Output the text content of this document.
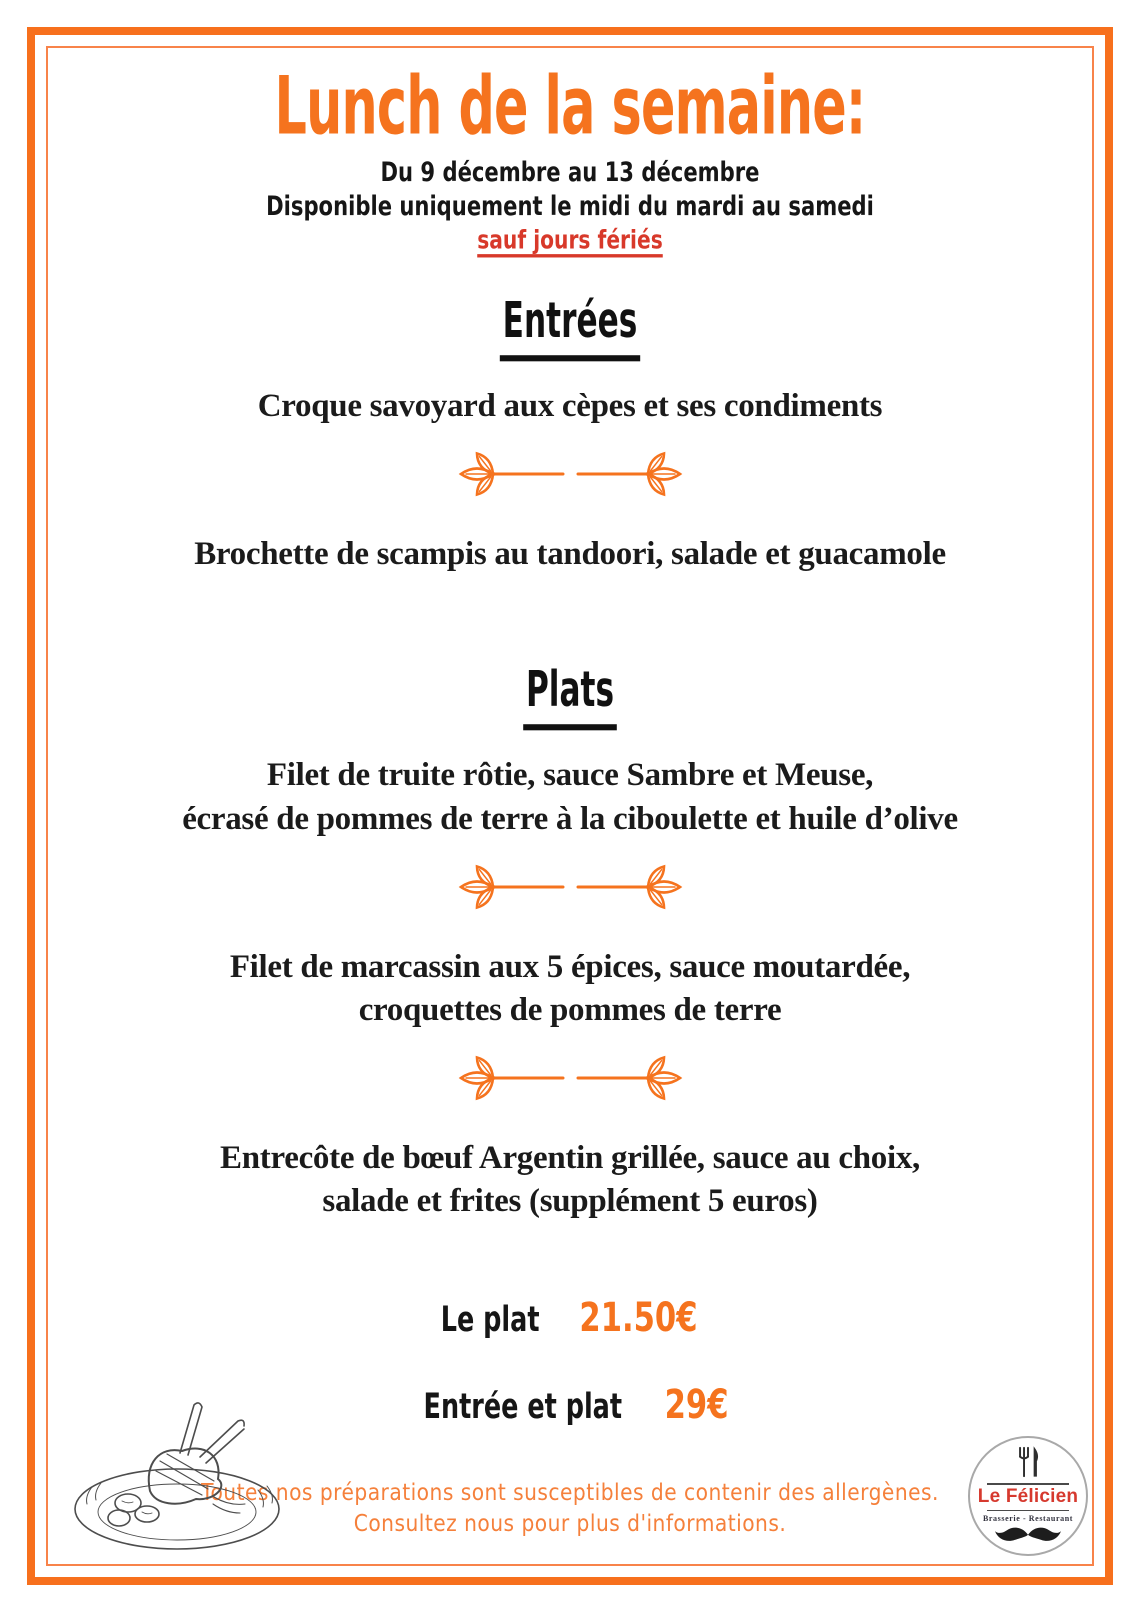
Lunch de la semaine:

Du 9 décembre au 13 décembre

Disponible uniquement le midi du mardi au samedi

sauf jours fériés

Entrées

Croque savoyard aux cèpes et ses condiments

Brochette de scampis au tandoori, salade et guacamole

Plats

Filet de truite rôtie, sauce Sambre et Meuse,
écrasé de pommes de terre à la ciboulette et huile d’olive

Filet de marcassin aux 5 épices, sauce moutardée,
croquettes de pommes de terre

Entrecôte de bœuf Argentin grillée, sauce au choix,
salade et frites (supplément 5 euros)

Le plat 21.50€
Entrée et plat 29€

Toutes nos préparations sont susceptibles de contenir des allergènes.

Consultez nous pour plus d'informations.

Le Félicien
Brasserie - Restaurant
